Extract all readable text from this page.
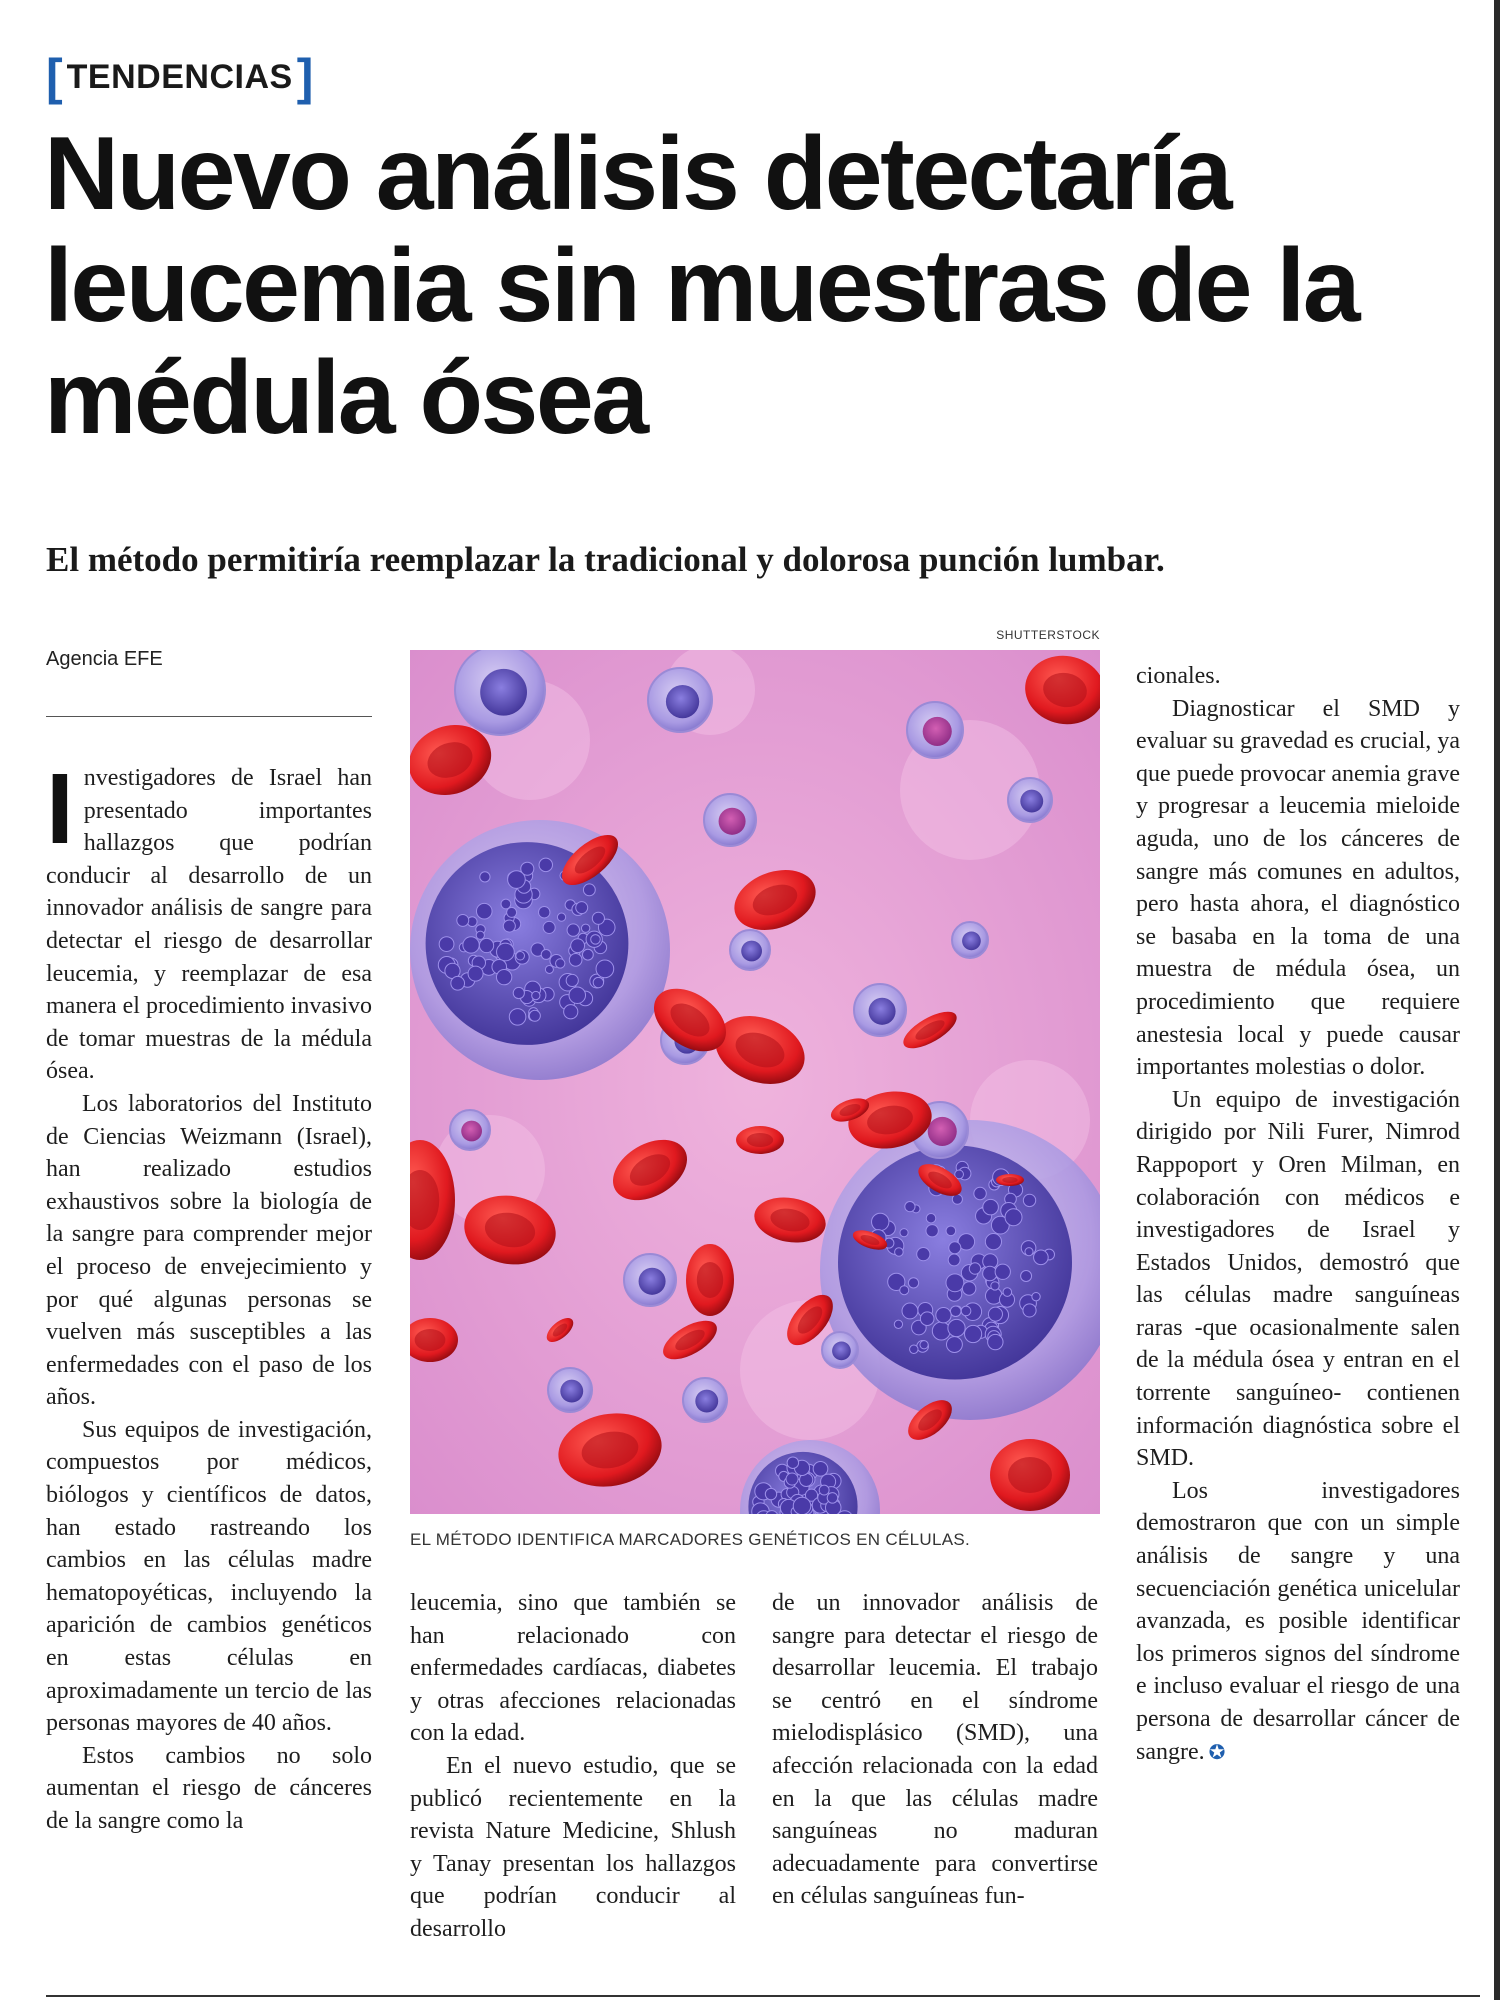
[ TENDENCIAS ]
Nuevo análisis detectaría leucemia sin muestras de la médula ósea
El método permitiría reemplazar la tradicional y dolorosa punción lumbar.
Agencia EFE

Investigadores de Israel han presentado importantes hallazgos que podrían conducir al desarrollo de un innovador análisis de sangre para detectar el riesgo de desarrollar leucemia, y reemplazar de esa manera el procedimiento invasivo de tomar muestras de la médula ósea.

Los laboratorios del Instituto de Ciencias Weizmann (Israel), han realizado estudios exhaustivos sobre la biología de la sangre para comprender mejor el proceso de envejecimiento y por qué algunas personas se vuelven más susceptibles a las enfermedades con el paso de los años.

Sus equipos de investigación, compuestos por médicos, biólogos y científicos de datos, han estado rastreando los cambios en las células madre hematopoyéticas, incluyendo la aparición de cambios genéticos en estas células en aproximadamente un tercio de las personas mayores de 40 años.

Estos cambios no solo aumentan el riesgo de cánceres de la sangre como la

SHUTTERSTOCK
EL MÉTODO IDENTIFICA MARCADORES GENÉTICOS EN CÉLULAS.

leucemia, sino que también se han relacionado con enfermedades cardíacas, diabetes y otras afecciones relacionadas con la edad.

En el nuevo estudio, que se publicó recientemente en la revista Nature Medicine, Shlush y Tanay presentan los hallazgos que podrían conducir al desarrollo

de un innovador análisis de sangre para detectar el riesgo de desarrollar leucemia. El trabajo se centró en el síndrome mielodisplásico (SMD), una afección relacionada con la edad en la que las células madre sanguíneas no maduran adecuadamente para convertirse en células sanguíneas fun-

cionales.

Diagnosticar el SMD y evaluar su gravedad es crucial, ya que puede provocar anemia grave y progresar a leucemia mieloide aguda, uno de los cánceres de sangre más comunes en adultos, pero hasta ahora, el diagnóstico se basaba en la toma de una muestra de médula ósea, un procedimiento que requiere anestesia local y puede causar importantes molestias o dolor.

Un equipo de investigación dirigido por Nili Furer, Nimrod Rappoport y Oren Milman, en colaboración con médicos e investigadores de Israel y Estados Unidos, demostró que las células madre sanguíneas raras -que ocasionalmente salen de la médula ósea y entran en el torrente sanguíneo- contienen información diagnóstica sobre el SMD.

Los investigadores demostraron que con un simple análisis de sangre y una secuenciación genética unicelular avanzada, es posible identificar los primeros signos del síndrome e incluso evaluar el riesgo de una persona de desarrollar cáncer de sangre. ✪
